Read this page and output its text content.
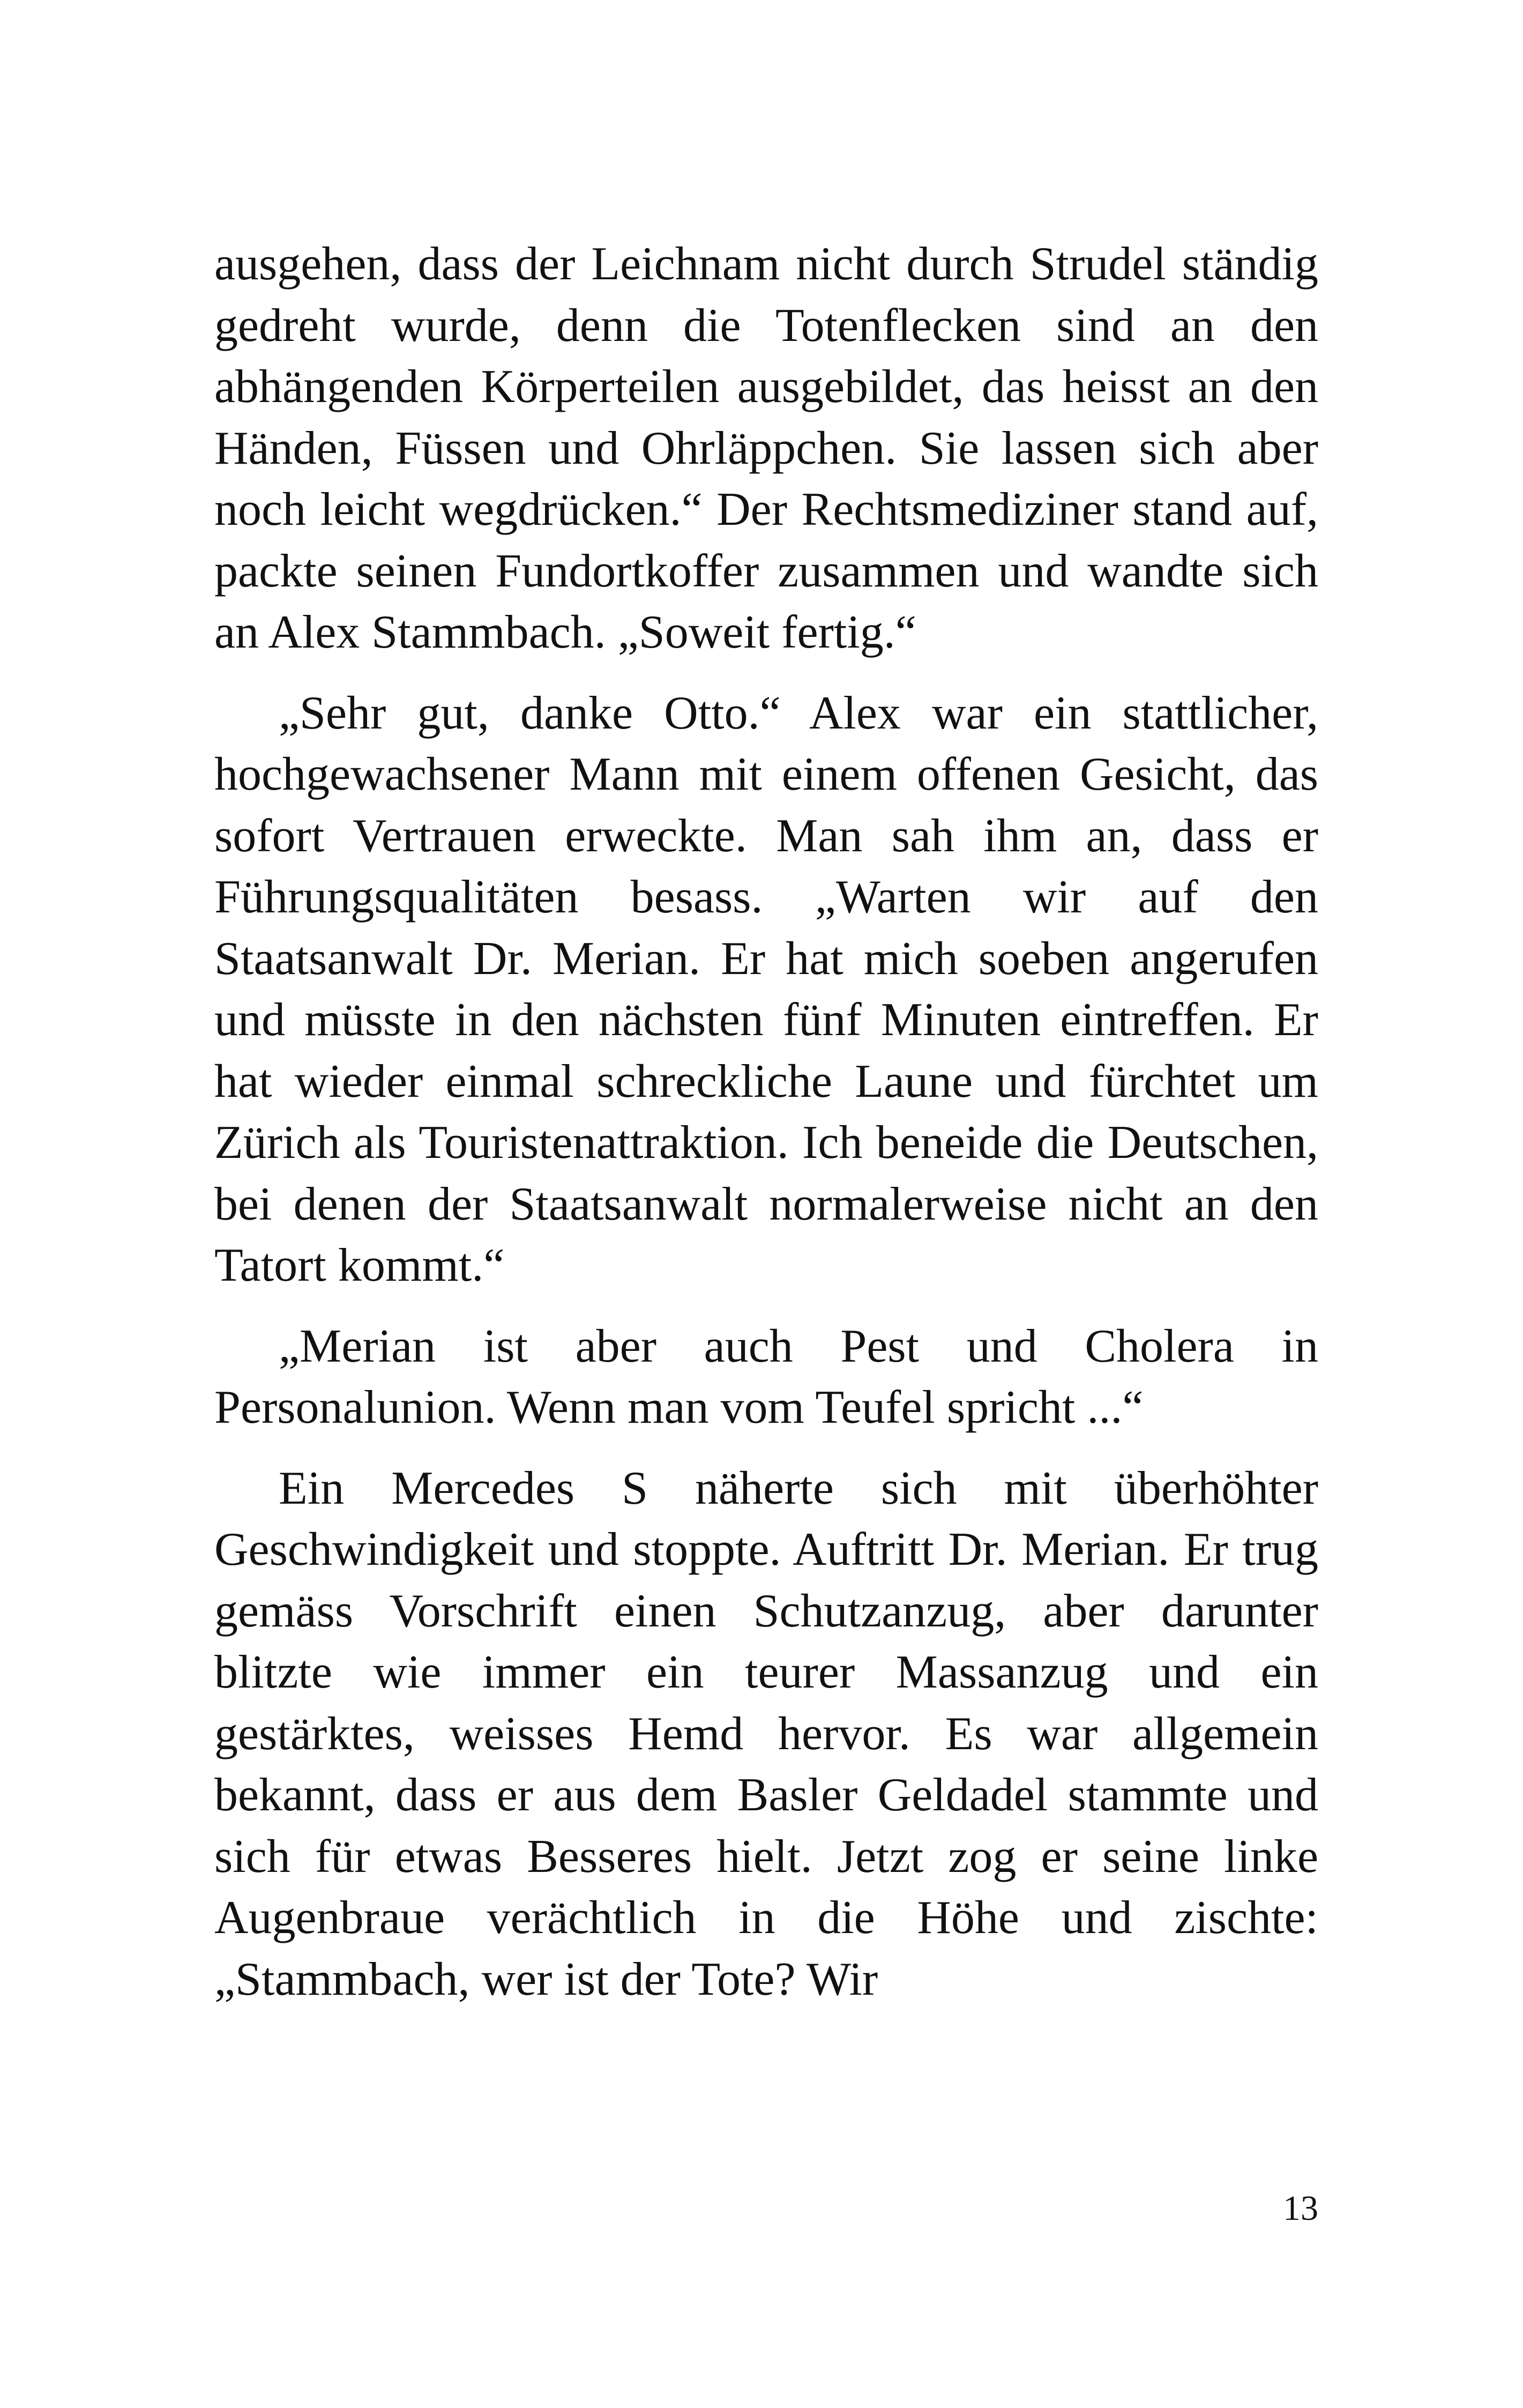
ausgehen, dass der Leichnam nicht durch Strudel ständig gedreht wurde, denn die Totenflecken sind an den abhängenden Körperteilen ausgebildet, das heisst an den Händen, Füssen und Ohrläppchen. Sie lassen sich aber noch leicht wegdrücken.“ Der Rechtsmediziner stand auf, packte seinen Fundortkoffer zusammen und wandte sich an Alex Stammbach. „Soweit fertig.“

„Sehr gut, danke Otto.“ Alex war ein stattlicher, hochgewachsener Mann mit einem offenen Gesicht, das sofort Vertrauen erweckte. Man sah ihm an, dass er Führungsqualitäten besass. „Warten wir auf den Staatsanwalt Dr. Merian. Er hat mich soeben angerufen und müsste in den nächsten fünf Minuten eintreffen. Er hat wieder einmal schreckliche Laune und fürchtet um Zürich als Touristenattraktion. Ich beneide die Deutschen, bei denen der Staatsanwalt normalerweise nicht an den Tatort kommt.“

„Merian ist aber auch Pest und Cholera in Personalunion. Wenn man vom Teufel spricht ...“

Ein Mercedes S näherte sich mit überhöhter Geschwindigkeit und stoppte. Auftritt Dr. Merian. Er trug gemäss Vorschrift einen Schutzanzug, aber darunter blitzte wie immer ein teurer Massanzug und ein gestärktes, weisses Hemd hervor. Es war allgemein bekannt, dass er aus dem Basler Geldadel stammte und sich für etwas Besseres hielt. Jetzt zog er seine linke Augenbraue verächtlich in die Höhe und zischte: „Stammbach, wer ist der Tote? Wir

13
